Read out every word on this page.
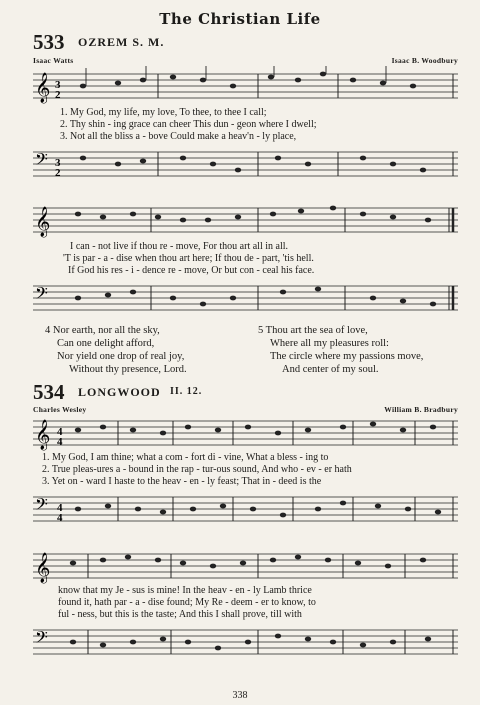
The Christian Life
533 OZREM S. M.
Isaac Watts	Isaac B. Woodbury
𝄞 3
2
1. My God, my life, my love, To thee, to thee I call;
2. Thy shin - ing grace can cheer This dun - geon where I dwell;
3. Not all the bliss a - bove Could make a heav'n - ly place,
𝄢 3
2
𝄞
I can - not live if thou re - move, For thou art all in all.
'T is par - a - dise when thou art here; If thou de - part, 'tis hell.
If God his res - i - dence re - move, Or but con - ceal his face.
𝄢
4 Nor earth, nor all the sky,
Can one delight afford,
Nor yield one drop of real joy,
Without thy presence, Lord.
5 Thou art the sea of love,
Where all my pleasures roll:
The circle where my passions move,
And center of my soul.
534 LONGWOOD II. 12.
Charles Wesley	William B. Bradbury
𝄞 4
4
1. My God, I am thine; what a com - fort di - vine, What a bless - ing to
2. True pleas-ures a - bound in the rap - tur-ous sound, And who - ev - er hath
3. Yet on - ward I haste to the heav - en - ly feast; That in - deed is the
𝄢 4
4
𝄞
know that my Je - sus is mine! In the heav - en - ly Lamb thrice
found it, hath par - a - dise found; My Re - deem - er to know, to
ful - ness, but this is the taste; And this I shall prove, till with
𝄢
338
